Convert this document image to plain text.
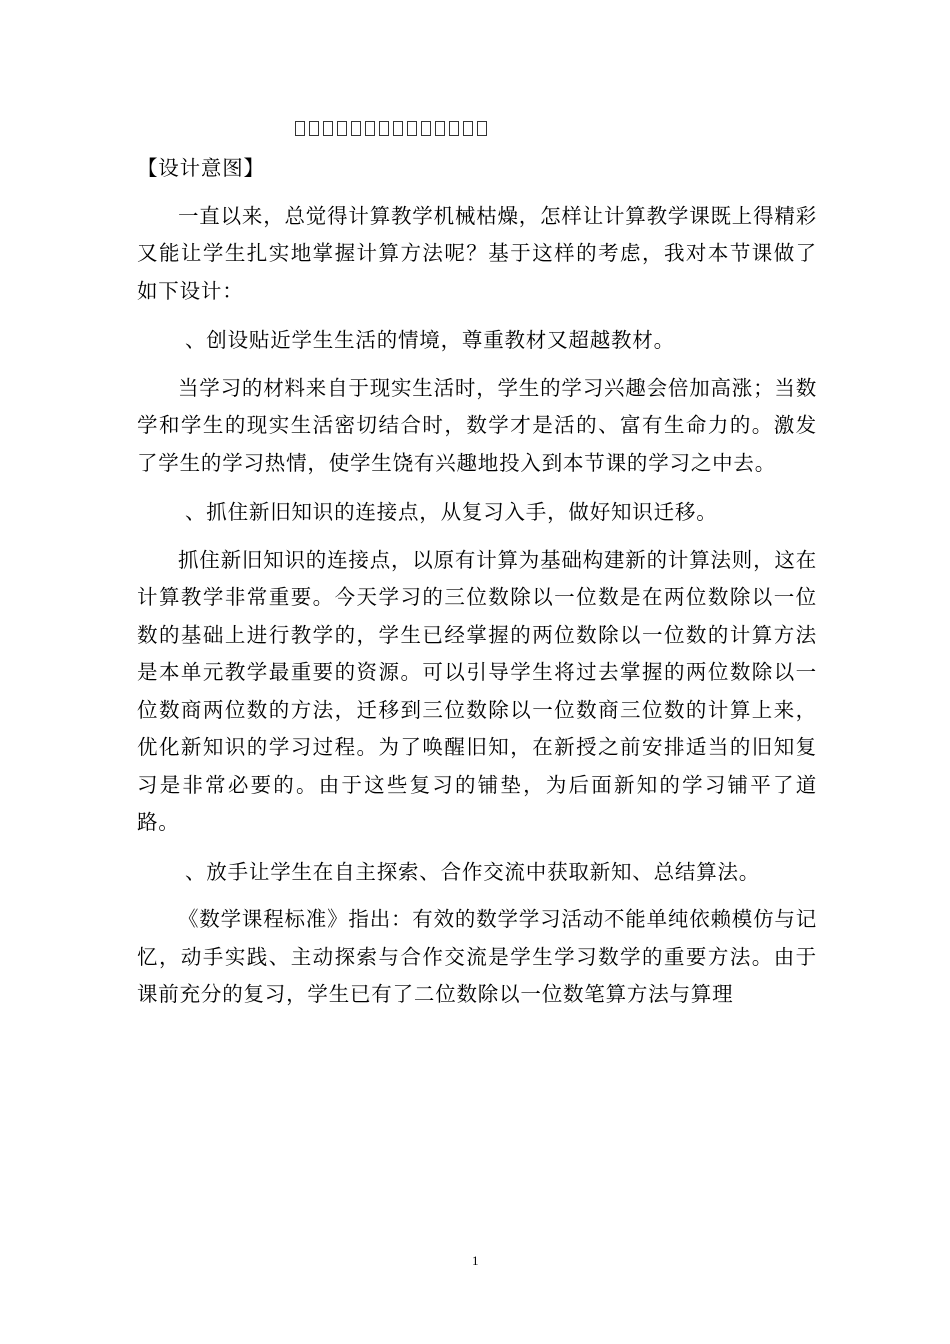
【设计意图】

一直以来，总觉得计算教学机械枯燥，怎样让计算教学课既上得精彩又能让学生扎实地掌握计算方法呢？基于这样的考虑，我对本节课做了如下设计：

、创设贴近学生生活的情境，尊重教材又超越教材。

当学习的材料来自于现实生活时，学生的学习兴趣会倍加高涨；当数学和学生的现实生活密切结合时，数学才是活的、富有生命力的。激发了学生的学习热情，使学生饶有兴趣地投入到本节课的学习之中去。

、抓住新旧知识的连接点，从复习入手，做好知识迁移。

抓住新旧知识的连接点，以原有计算为基础构建新的计算法则，这在计算教学非常重要。今天学习的三位数除以一位数是在两位数除以一位数的基础上进行教学的，学生已经掌握的两位数除以一位数的计算方法是本单元教学最重要的资源。可以引导学生将过去掌握的两位数除以一位数商两位数的方法，迁移到三位数除以一位数商三位数的计算上来，优化新知识的学习过程。为了唤醒旧知，在新授之前安排适当的旧知复习是非常必要的。由于这些复习的铺垫，为后面新知的学习铺平了道路。

、放手让学生在自主探索、合作交流中获取新知、总结算法。

《数学课程标准》指出：有效的数学学习活动不能单纯依赖模仿与记忆，动手实践、主动探索与合作交流是学生学习数学的重要方法。由于课前充分的复习，学生已有了二位数除以一位数笔算方法与算理

1
